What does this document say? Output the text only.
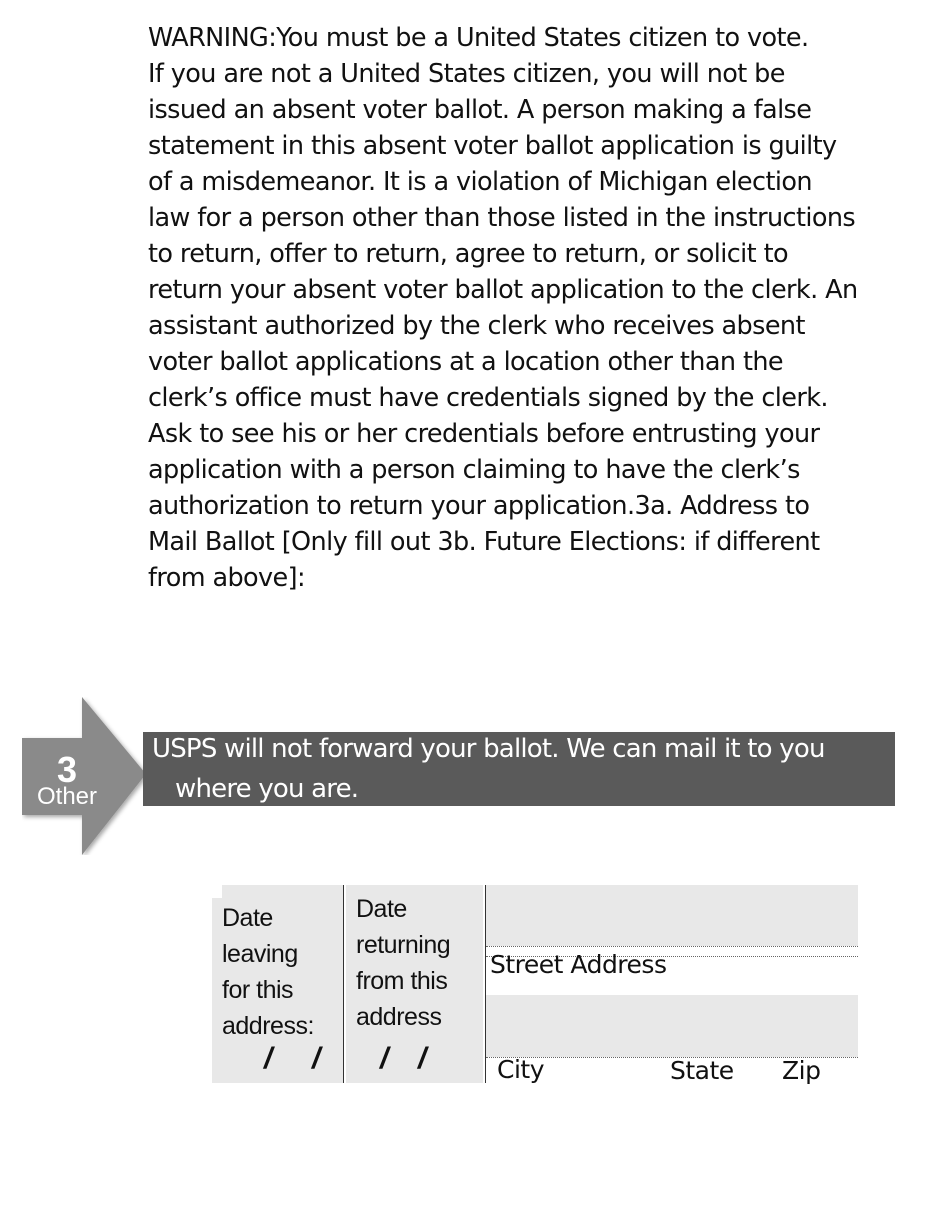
WARNING:You must be a United States citizen to vote.
If you are not a United States citizen, you will not be
issued an absent voter ballot. A person making a false
statement in this absent voter ballot application is guilty
of a misdemeanor. It is a violation of Michigan election
law for a person other than those listed in the instructions
to return, offer to return, agree to return, or solicit to
return your absent voter ballot application to the clerk. An
assistant authorized by the clerk who receives absent
voter ballot applications at a location other than the
clerk’s office must have credentials signed by the clerk.
Ask to see his or her credentials before entrusting your
application with a person claiming to have the clerk’s
authorization to return your application.3a. Address to
Mail Ballot [Only fill out 3b. Future Elections: if different
from above]:
3
Other
USPS will not forward your ballot. We can mail it to you
where you are.
Date
leaving
for this
address:
/ /
Date
returning
from this
address
/ /
Street Address
City	State Zip
